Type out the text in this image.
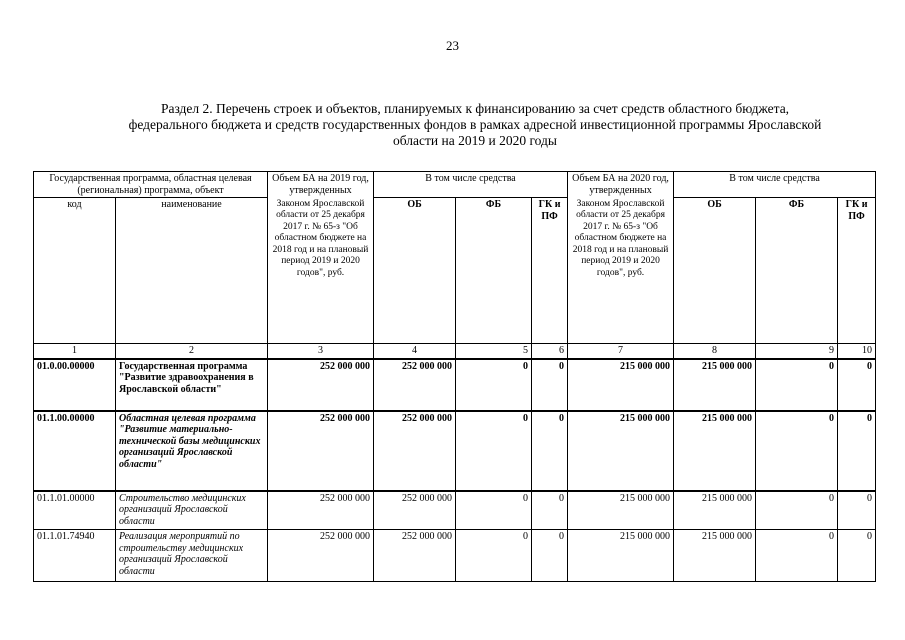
23
Раздел 2. Перечень строек и объектов, планируемых к финансированию за счет средств областного бюджета,
федерального бюджета и средств государственных фондов в рамках адресной инвестиционной программы Ярославской
области на 2019 и 2020 годы
Государственная программа, областная целевая (региональная) программа, объект		Объем БА на 2019 год, утвержденных	В том числе средства			Объем БА на 2020 год, утвержденных	В том числе средства		
код	наименование	Законом Ярославской области от 25 декабря 2017 г. № 65-з "Об областном бюджете на 2018 год и на плановый период 2019 и 2020 годов", руб.	ОБ	ФБ	ГК и ПФ	Законом Ярославской области от 25 декабря 2017 г. № 65-з "Об областном бюджете на 2018 год и на плановый период 2019 и 2020 годов", руб.	ОБ	ФБ	ГК и ПФ
1	2	3	4	5	6	7	8	9	10
01.0.00.00000	Государственная программа "Развитие здравоохранения в Ярославской области"	252 000 000	252 000 000	0	0	215 000 000	215 000 000	0	0
01.1.00.00000	Областная целевая программа "Развитие материально-технической базы медицинских организаций Ярославской области"	252 000 000	252 000 000	0	0	215 000 000	215 000 000	0	0
01.1.01.00000	Строительство медицинских организаций Ярославской области	252 000 000	252 000 000	0	0	215 000 000	215 000 000	0	0
01.1.01.74940	Реализация мероприятий по строительству медицинских организаций Ярославской области	252 000 000	252 000 000	0	0	215 000 000	215 000 000	0	0
